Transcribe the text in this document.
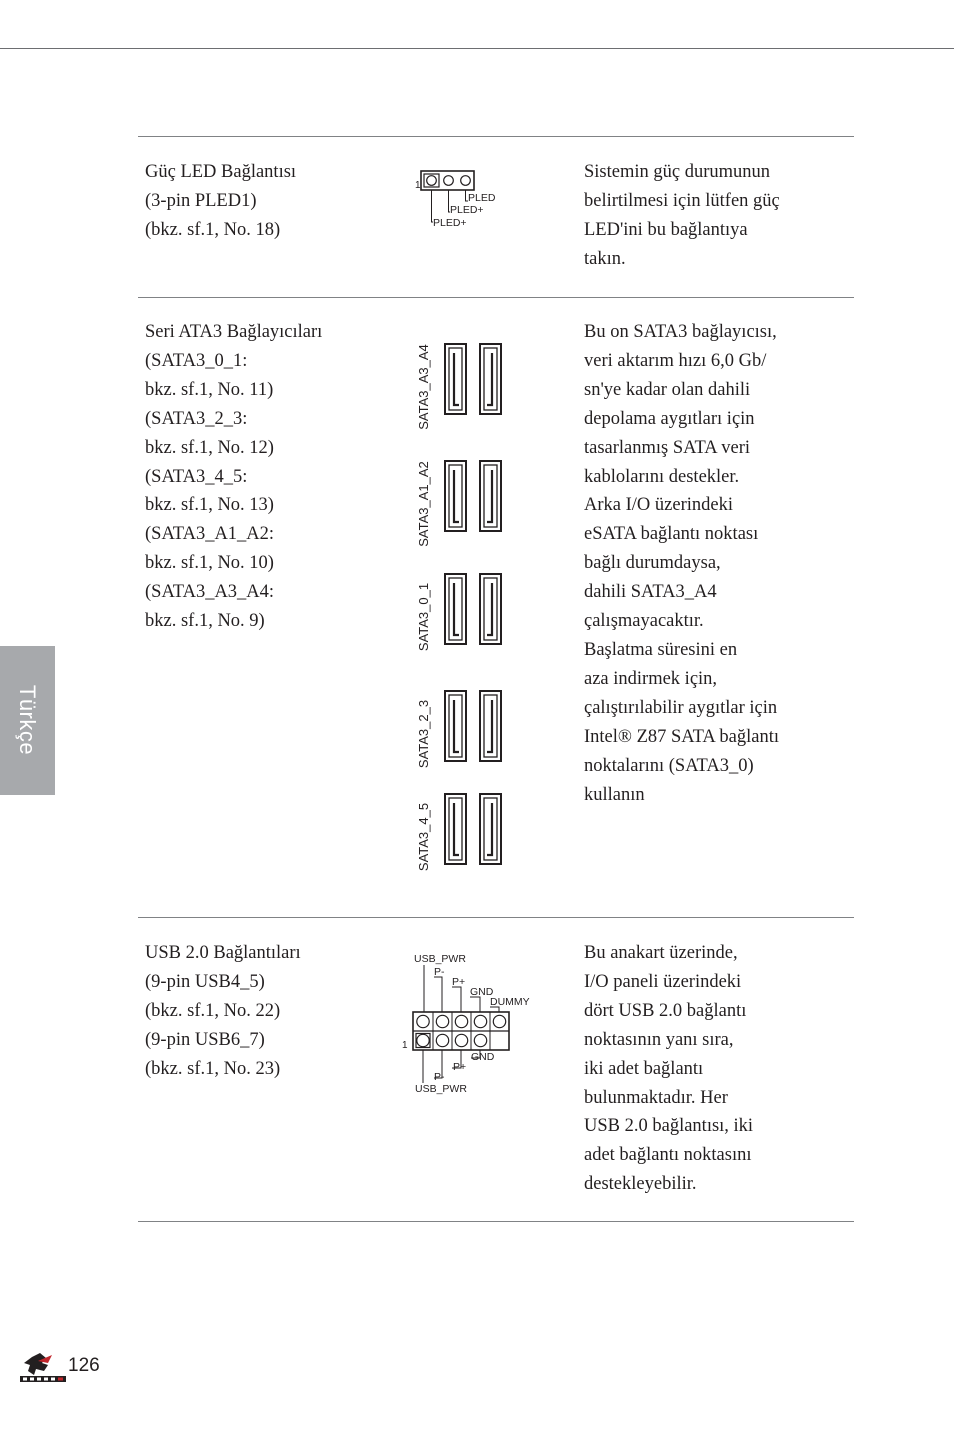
Türkçe
Güç LED Bağlantısı
(3-pin PLED1)
(bkz. sf.1, No. 18)
Sistemin güç durumunun
belirtilmesi için lütfen güç
LED'ini bu bağlantıya
takın.
1
PLED
PLED+
PLED+
Seri ATA3 Bağlayıcıları
(SATA3_0_1:
bkz. sf.1, No. 11)
(SATA3_2_3:
bkz. sf.1, No. 12)
(SATA3_4_5:
bkz. sf.1, No. 13)
(SATA3_A1_A2:
bkz. sf.1, No. 10)
(SATA3_A3_A4:
bkz. sf.1, No. 9)
Bu on SATA3 bağlayıcısı,
veri aktarım hızı 6,0 Gb/
sn'ye kadar olan dahili
depolama aygıtları için
tasarlanmış SATA veri
kablolarını destekler.
Arka I/O üzerindeki
eSATA bağlantı noktası
bağlı durumdaysa,
dahili SATA3_A4
çalışmayacaktır.
Başlatma süresini en
aza indirmek için,
çalıştırılabilir aygıtlar için
Intel® Z87 SATA bağlantı
noktalarını (SATA3_0)
kullanın
SATA3_A3_A4
SATA3_A1_A2
SATA3_0_1
SATA3_2_3
SATA3_4_5
USB 2.0 Bağlantıları
(9-pin USB4_5)
(bkz. sf.1, No. 22)
(9-pin USB6_7)
(bkz. sf.1, No. 23)
Bu anakart üzerinde,
I/O paneli üzerindeki
dört USB 2.0 bağlantı
noktasının yanı sıra,
iki adet bağlantı
bulunmaktadır. Her
USB 2.0 bağlantısı, iki
adet bağlantı noktasını
destekleyebilir.
USB_PWR
P-
P+
GND
DUMMY
1
GND
P+
P-
USB_PWR
126
